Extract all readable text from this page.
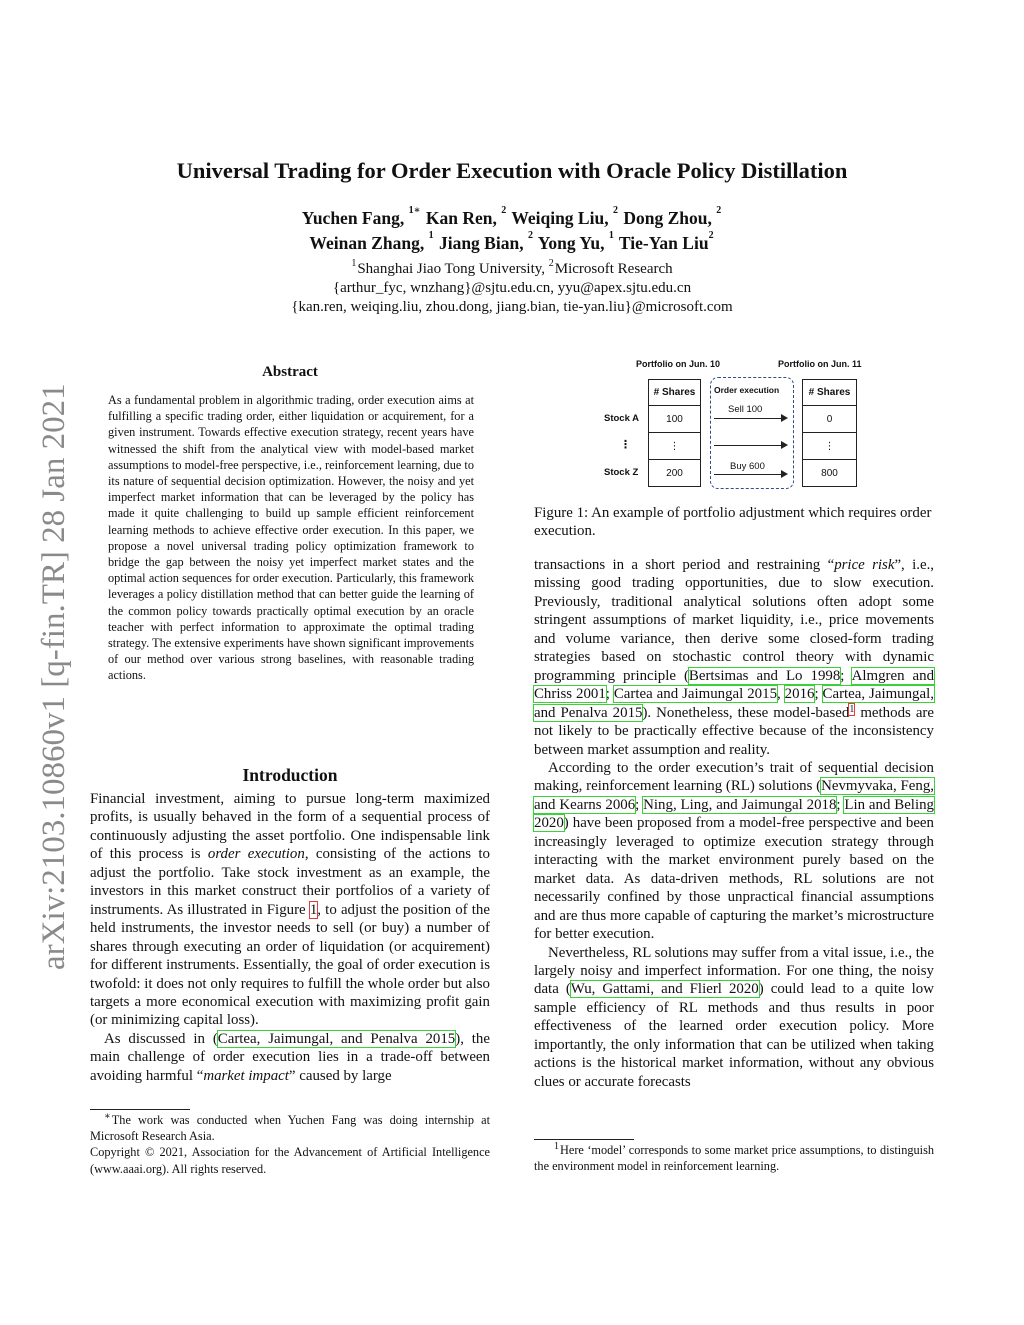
Universal Trading for Order Execution with Oracle Policy Distillation
Yuchen Fang, $^{1∗}$ Kan Ren, $^2$ Weiqing Liu, $^2$ Dong Zhou, $^2$
Weinan Zhang, $^1$ Jiang Bian, $^2$ Yong Yu, $^1$ Tie-Yan Liu$^2$
$^1$Shanghai Jiao Tong University, $^2$Microsoft Research
{arthur_fyc, wnzhang}@sjtu.edu.cn, yyu@apex.sjtu.edu.cn
{kan.ren, weiqing.liu, zhou.dong, jiang.bian, tie-yan.liu}@microsoft.com
arXiv:2103.10860v1 [q-fin.TR] 28 Jan 2021
Abstract
As a fundamental problem in algorithmic trading, order execution aims at fulfilling a specific trading order, either liquidation or acquirement, for a given instrument. Towards effective execution strategy, recent years have witnessed the shift from the analytical view with model-based market assumptions to model-free perspective, i.e., reinforcement learning, due to its nature of sequential decision optimization. However, the noisy and yet imperfect market information that can be leveraged by the policy has made it quite challenging to build up sample efficient reinforcement learning methods to achieve effective order execution. In this paper, we propose a novel universal trading policy optimization framework to bridge the gap between the noisy yet imperfect market states and the optimal action sequences for order execution. Particularly, this framework leverages a policy distillation method that can better guide the learning of the common policy towards practically optimal execution by an oracle teacher with perfect information to approximate the optimal trading strategy. The extensive experiments have shown significant improvements of our method over various strong baselines, with reasonable trading actions.
Introduction

Financial investment, aiming to pursue long-term maximized profits, is usually behaved in the form of a sequential process of continuously adjusting the asset portfolio. One indispensable link of this process is order execution, consisting of the actions to adjust the portfolio. Take stock investment as an example, the investors in this market construct their portfolios of a variety of instruments. As illustrated in Figure 1, to adjust the position of the held instruments, the investor needs to sell (or buy) a number of shares through executing an order of liquidation (or acquirement) for different instruments. Essentially, the goal of order execution is twofold: it does not only requires to fulfill the whole order but also targets a more economical execution with maximizing profit gain (or minimizing capital loss).

As discussed in (Cartea, Jaimungal, and Penalva 2015), the main challenge of order execution lies in a trade-off between avoiding harmful “market impact” caused by large

Portfolio on Jun. 10	Portfolio on Jun. 11
# Shares
100
⋮
200
Order execution
Sell 100
Buy 600
# Shares
0
⋮
800
Stock A
⋮
Stock Z
Figure 1: An example of portfolio adjustment which requires order execution.

transactions in a short period and restraining “price risk”, i.e., missing good trading opportunities, due to slow execution. Previously, traditional analytical solutions often adopt some stringent assumptions of market liquidity, i.e., price movements and volume variance, then derive some closed-form trading strategies based on stochastic control theory with dynamic programming principle (Bertsimas and Lo 1998; Almgren and Chriss 2001; Cartea and Jaimungal 2015, 2016; Cartea, Jaimungal, and Penalva 2015). Nonetheless, these model-based$^1$ methods are not likely to be practically effective because of the inconsistency between market assumption and reality.

According to the order execution’s trait of sequential decision making, reinforcement learning (RL) solutions (Nevmyvaka, Feng, and Kearns 2006; Ning, Ling, and Jaimungal 2018; Lin and Beling 2020) have been proposed from a model-free perspective and been increasingly leveraged to optimize execution strategy through interacting with the market environment purely based on the market data. As data-driven methods, RL solutions are not necessarily confined by those unpractical financial assumptions and are thus more capable of capturing the market’s microstructure for better execution.

Nevertheless, RL solutions may suffer from a vital issue, i.e., the largely noisy and imperfect information. For one thing, the noisy data (Wu, Gattami, and Flierl 2020) could lead to a quite low sample efficiency of RL methods and thus results in poor effectiveness of the learned order execution policy. More importantly, the only information that can be utilized when taking actions is the historical market information, without any obvious clues or accurate forecasts

∗The work was conducted when Yuchen Fang was doing internship at Microsoft Research Asia.
Copyright © 2021, Association for the Advancement of Artificial Intelligence (www.aaai.org). All rights reserved.
$^1$Here ‘model’ corresponds to some market price assumptions, to distinguish the environment model in reinforcement learning.
